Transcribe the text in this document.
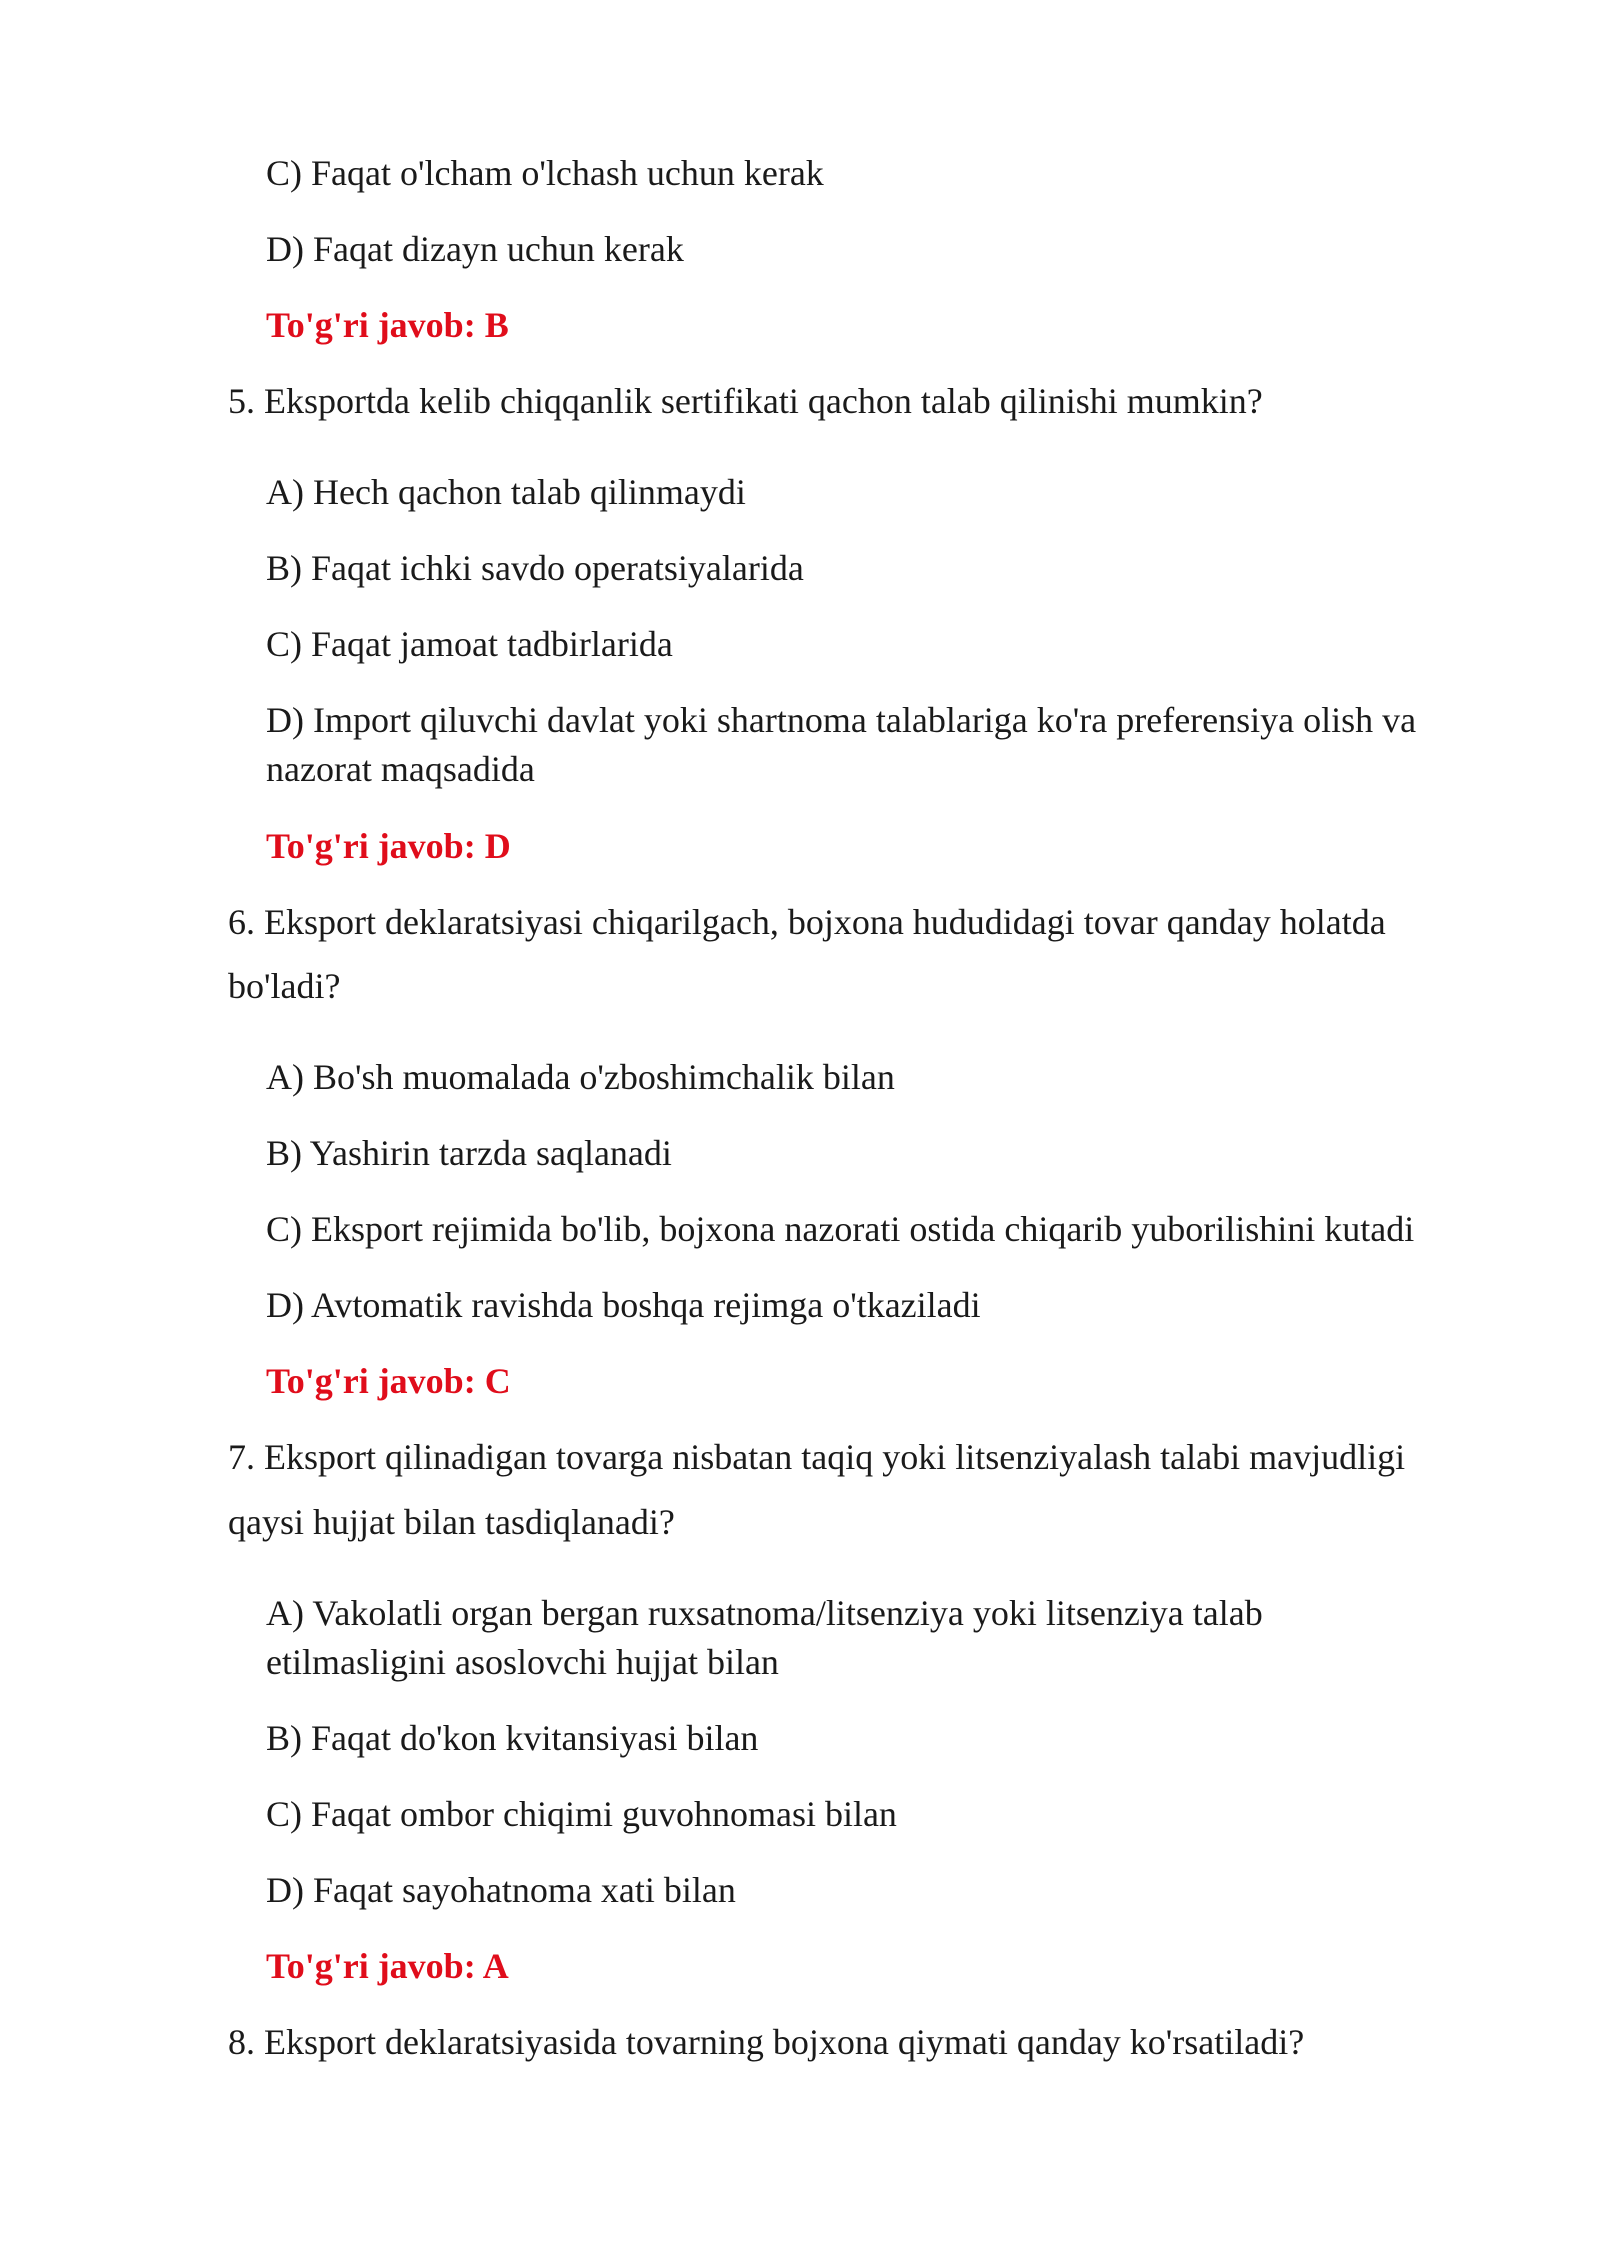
C) Faqat o'lcham o'lchash uchun kerak
D) Faqat dizayn uchun kerak
To'g'ri javob: B
5. Eksportda kelib chiqqanlik sertifikati qachon talab qilinishi mumkin?
A) Hech qachon talab qilinmaydi
B) Faqat ichki savdo operatsiyalarida
C) Faqat jamoat tadbirlarida
D) Import qiluvchi davlat yoki shartnoma talablariga ko'ra preferensiya olish va
nazorat maqsadida
To'g'ri javob: D
6. Eksport deklaratsiyasi chiqarilgach, bojxona hududidagi tovar qanday holatda
bo'ladi?
A) Bo'sh muomalada o'zboshimchalik bilan
B) Yashirin tarzda saqlanadi
C) Eksport rejimida bo'lib, bojxona nazorati ostida chiqarib yuborilishini kutadi
D) Avtomatik ravishda boshqa rejimga o'tkaziladi
To'g'ri javob: C
7. Eksport qilinadigan tovarga nisbatan taqiq yoki litsenziyalash talabi mavjudligi
qaysi hujjat bilan tasdiqlanadi?
A) Vakolatli organ bergan ruxsatnoma/litsenziya yoki litsenziya talab
etilmasligini asoslovchi hujjat bilan
B) Faqat do'kon kvitansiyasi bilan
C) Faqat ombor chiqimi guvohnomasi bilan
D) Faqat sayohatnoma xati bilan
To'g'ri javob: A
8. Eksport deklaratsiyasida tovarning bojxona qiymati qanday ko'rsatiladi?
